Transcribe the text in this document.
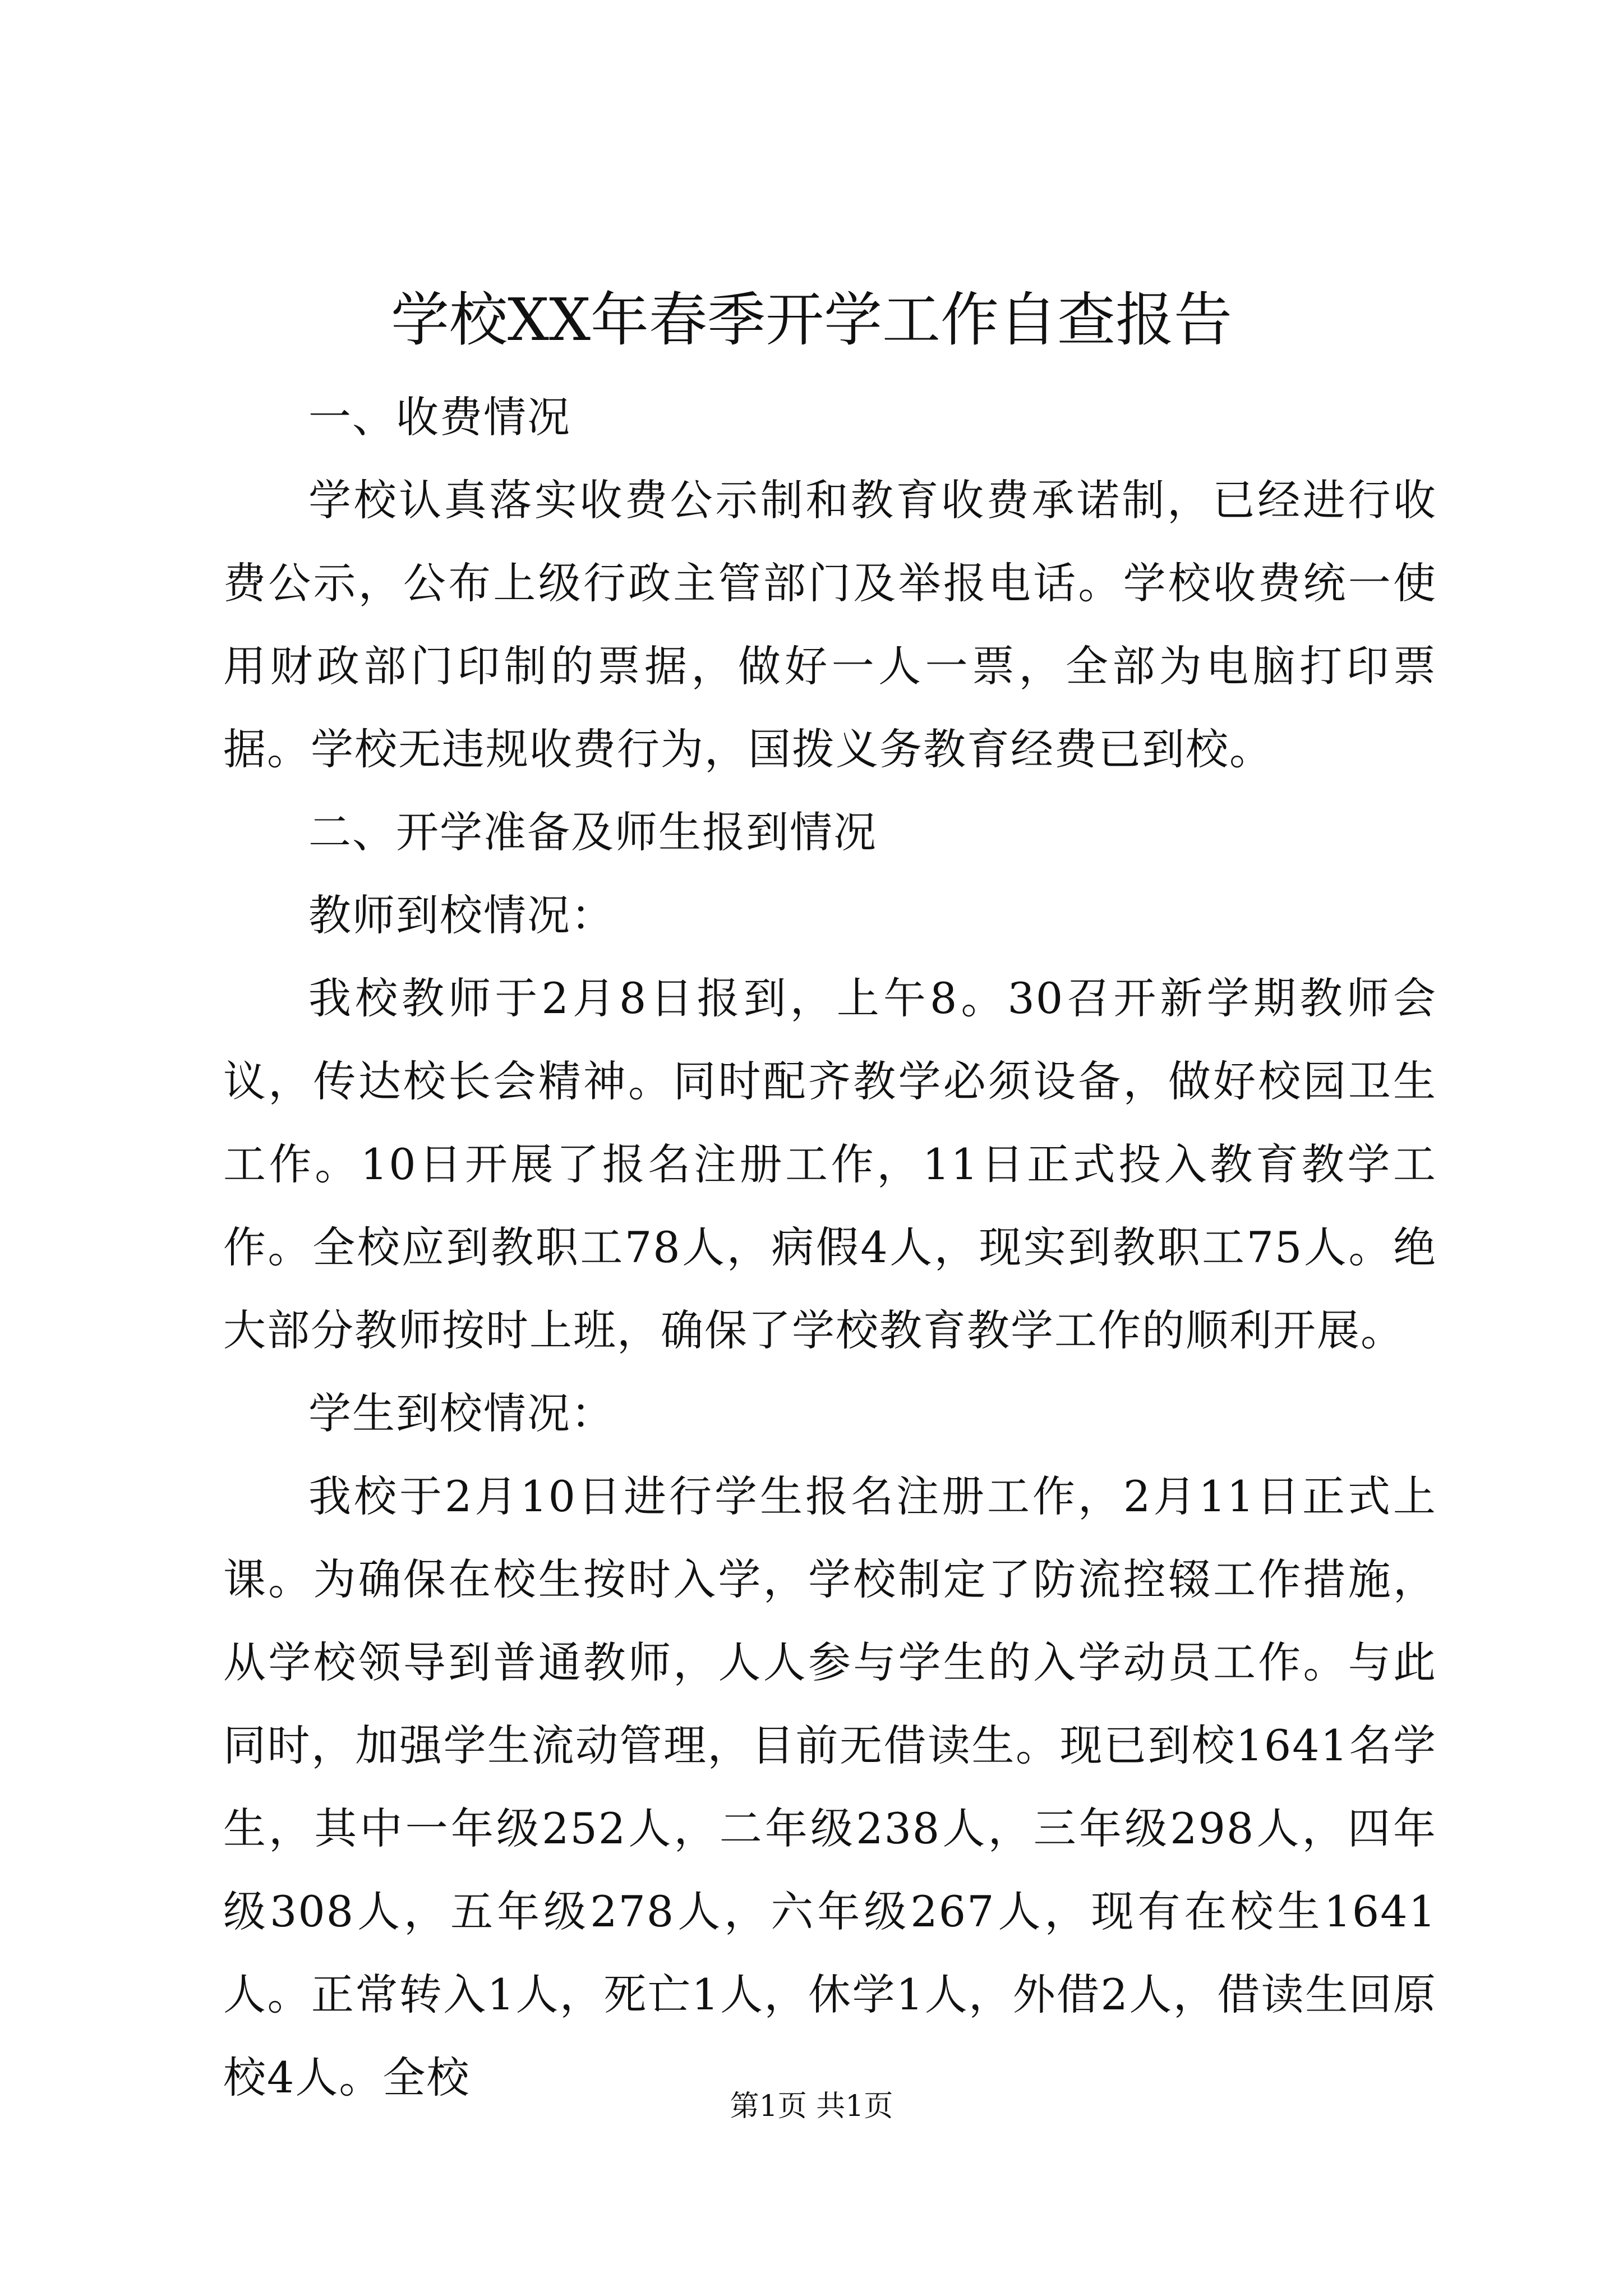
学校XX年春季开学工作自查报告

一、收费情况

学校认真落实收费公示制和教育收费承诺制，已经进行收费公示，公布上级行政主管部门及举报电话。学校收费统一使用财政部门印制的票据，做好一人一票，全部为电脑打印票据。学校无违规收费行为，国拨义务教育经费已到校。

二、开学准备及师生报到情况

教师到校情况：

我校教师于2月8日报到，上午8。30召开新学期教师会议，传达校长会精神。同时配齐教学必须设备，做好校园卫生工作。10日开展了报名注册工作，11日正式投入教育教学工作。全校应到教职工78人，病假4人，现实到教职工75人。绝大部分教师按时上班，确保了学校教育教学工作的顺利开展。

学生到校情况：

我校于2月10日进行学生报名注册工作，2月11日正式上课。为确保在校生按时入学，学校制定了防流控辍工作措施，从学校领导到普通教师，人人参与学生的入学动员工作。与此同时，加强学生流动管理，目前无借读生。现已到校1641名学生，其中一年级252人，二年级238人，三年级298人，四年级308人，五年级278人，六年级267人，现有在校生1641人。正常转入1人，死亡1人，休学1人，外借2人，借读生回原校4人。全校

第1页 共1页
